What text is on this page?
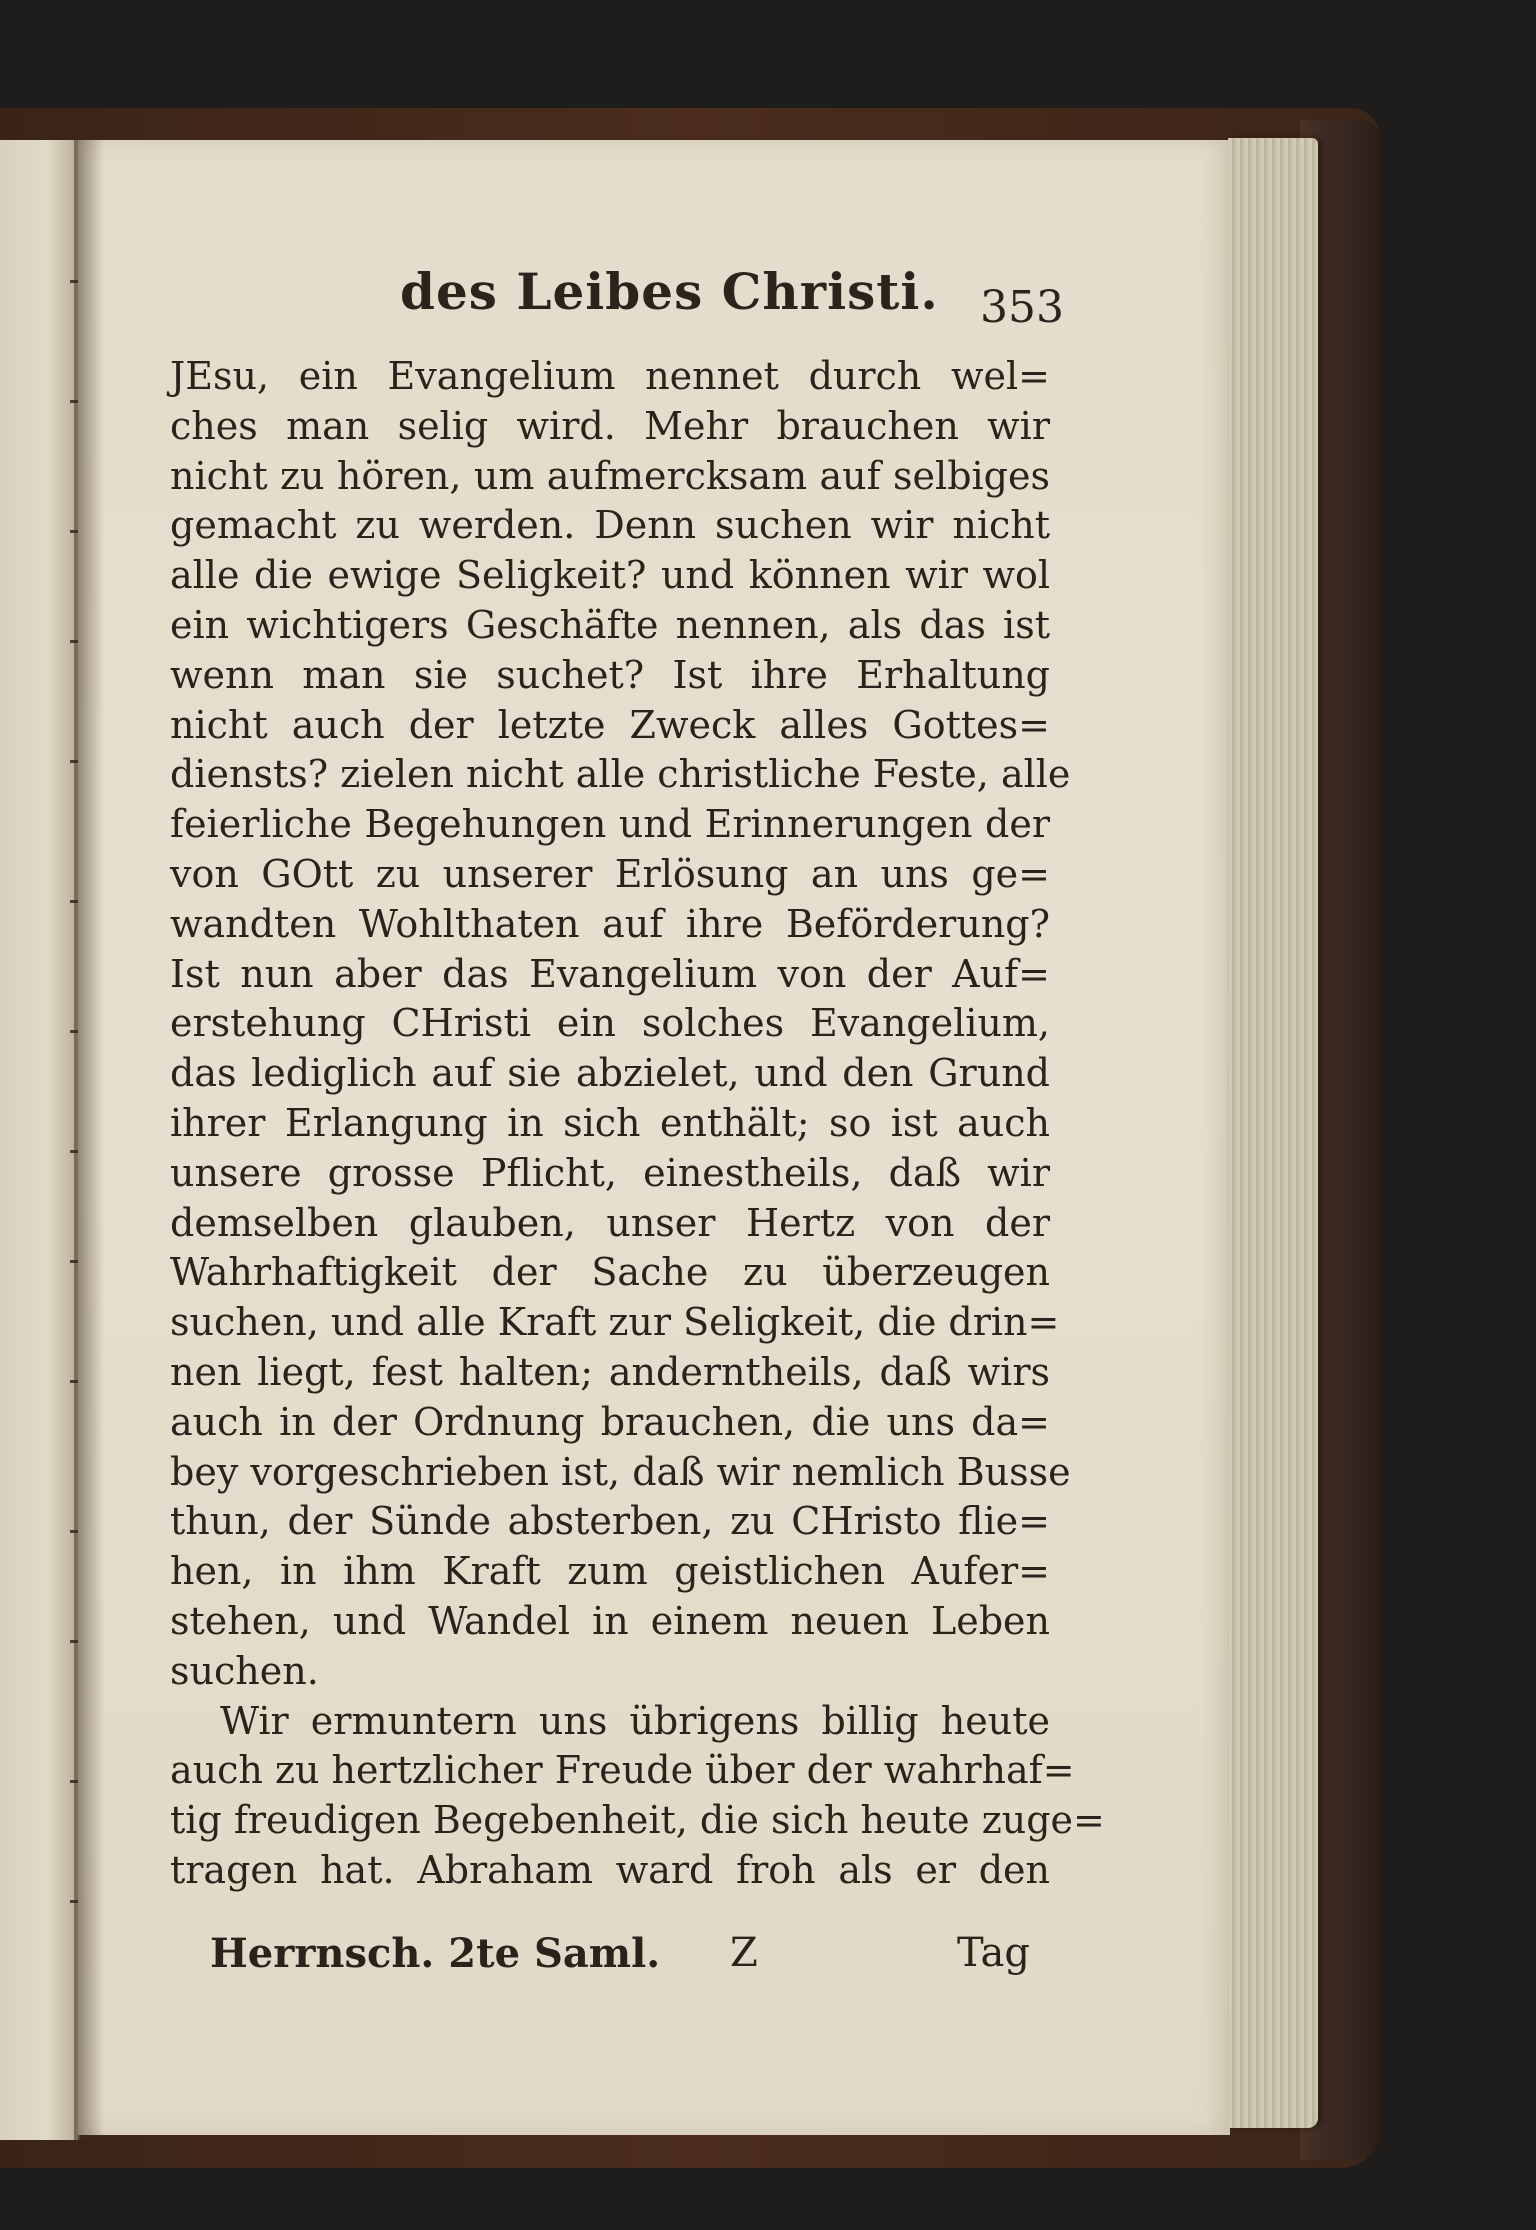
des Leibes Christi. 353
JEsu, ein Evangelium nennet durch wel=
ches man selig wird. Mehr brauchen wir
nicht zu hören, um aufmercksam auf selbiges
gemacht zu werden. Denn suchen wir nicht
alle die ewige Seligkeit? und können wir wol
ein wichtigers Geschäfte nennen, als das ist
wenn man sie suchet? Ist ihre Erhaltung
nicht auch der letzte Zweck alles Gottes=
diensts? zielen nicht alle christliche Feste, alle
feierliche Begehungen und Erinnerungen der
von GOtt zu unserer Erlösung an uns ge=
wandten Wohlthaten auf ihre Beförderung?
Ist nun aber das Evangelium von der Auf=
erstehung CHristi ein solches Evangelium,
das lediglich auf sie abzielet, und den Grund
ihrer Erlangung in sich enthält; so ist auch
unsere grosse Pflicht, einestheils, daß wir
demselben glauben, unser Hertz von der
Wahrhaftigkeit der Sache zu überzeugen
suchen, und alle Kraft zur Seligkeit, die drin=
nen liegt, fest halten; anderntheils, daß wirs
auch in der Ordnung brauchen, die uns da=
bey vorgeschrieben ist, daß wir nemlich Busse
thun, der Sünde absterben, zu CHristo flie=
hen, in ihm Kraft zum geistlichen Aufer=
stehen, und Wandel in einem neuen Leben
suchen.
Wir ermuntern uns übrigens billig heute
auch zu hertzlicher Freude über der wahrhaf=
tig freudigen Begebenheit, die sich heute zuge=
tragen hat. Abraham ward froh als er den
Herrnsch. 2te Saml. Z	Tag
